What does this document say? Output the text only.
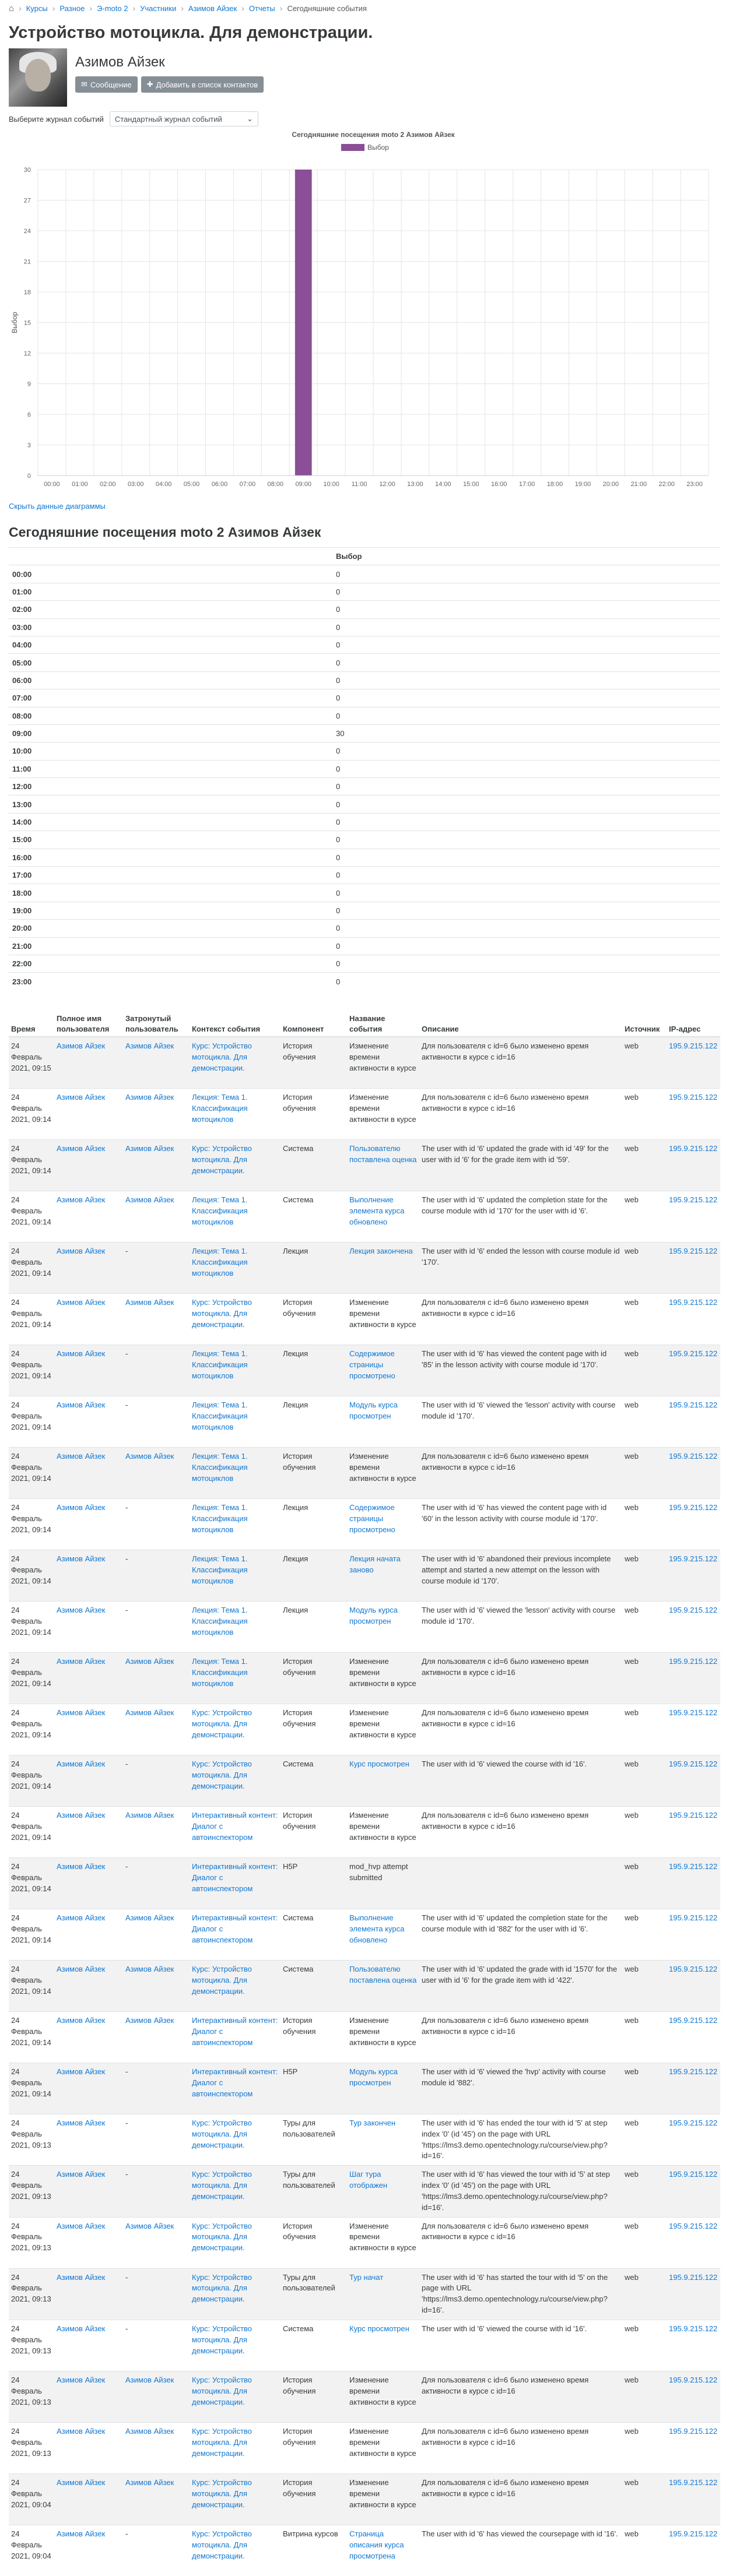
⌂ › Курсы › Разное › Э-moto 2 › Участники › Азимов Айзек › Отчеты › Сегодняшние события
Устройство мотоцикла. Для демонстрации.
Азимов Айзек
✉ Сообщение ✚ Добавить в список контактов
Выберите журнал событий Стандартный журнал событий	⌄
Сегодняшние посещения moto 2 Азимов Айзек
Выбор
0
3
6
9
12
15
18
21
24
27
30
00:00 01:00 02:00 03:00 04:00 05:00 06:00 07:00 08:00 09:00 10:00 11:00 12:00 13:00 14:00 15:00 16:00 17:00 18:00 19:00 20:00 21:00 22:00 23:00
Выбор
Скрыть данные диаграммы
Сегодняшние посещения moto 2 Азимов Айзек
	Выбор
00:00	0
01:00	0
02:00	0
03:00	0
04:00	0
05:00	0
06:00	0
07:00	0
08:00	0
09:00	30
10:00	0
11:00	0
12:00	0
13:00	0
14:00	0
15:00	0
16:00	0
17:00	0
18:00	0
19:00	0
20:00	0
21:00	0
22:00	0
23:00	0
Время	Полное имя пользователя	Затронутый пользователь	Контекст события	Компонент	Название события	Описание	Источник	IP-адрес
24 Февраль 2021, 09:15	Азимов Айзек	Азимов Айзек	Курс: Устройство мотоцикла. Для демонстрации.	История обучения	Изменение времени активности в курсе	Для пользователя с id=6 было изменено время активности в курсе с id=16	web	195.9.215.122
24 Февраль 2021, 09:14	Азимов Айзек	Азимов Айзек	Лекция: Тема 1. Классификация мотоциклов	История обучения	Изменение времени активности в курсе	Для пользователя с id=6 было изменено время активности в курсе с id=16	web	195.9.215.122
24 Февраль 2021, 09:14	Азимов Айзек	Азимов Айзек	Курс: Устройство мотоцикла. Для демонстрации.	Система	Пользователю поставлена оценка	The user with id '6' updated the grade with id '49' for the user with id '6' for the grade item with id '59'.	web	195.9.215.122
24 Февраль 2021, 09:14	Азимов Айзек	Азимов Айзек	Лекция: Тема 1. Классификация мотоциклов	Система	Выполнение элемента курса обновлено	The user with id '6' updated the completion state for the course module with id '170' for the user with id '6'.	web	195.9.215.122
24 Февраль 2021, 09:14	Азимов Айзек	-	Лекция: Тема 1. Классификация мотоциклов	Лекция	Лекция закончена	The user with id '6' ended the lesson with course module id '170'.	web	195.9.215.122
24 Февраль 2021, 09:14	Азимов Айзек	Азимов Айзек	Курс: Устройство мотоцикла. Для демонстрации.	История обучения	Изменение времени активности в курсе	Для пользователя с id=6 было изменено время активности в курсе с id=16	web	195.9.215.122
24 Февраль 2021, 09:14	Азимов Айзек	-	Лекция: Тема 1. Классификация мотоциклов	Лекция	Содержимое страницы просмотрено	The user with id '6' has viewed the content page with id '85' in the lesson activity with course module id '170'.	web	195.9.215.122
24 Февраль 2021, 09:14	Азимов Айзек	-	Лекция: Тема 1. Классификация мотоциклов	Лекция	Модуль курса просмотрен	The user with id '6' viewed the 'lesson' activity with course module id '170'.	web	195.9.215.122
24 Февраль 2021, 09:14	Азимов Айзек	Азимов Айзек	Лекция: Тема 1. Классификация мотоциклов	История обучения	Изменение времени активности в курсе	Для пользователя с id=6 было изменено время активности в курсе с id=16	web	195.9.215.122
24 Февраль 2021, 09:14	Азимов Айзек	-	Лекция: Тема 1. Классификация мотоциклов	Лекция	Содержимое страницы просмотрено	The user with id '6' has viewed the content page with id '60' in the lesson activity with course module id '170'.	web	195.9.215.122
24 Февраль 2021, 09:14	Азимов Айзек	-	Лекция: Тема 1. Классификация мотоциклов	Лекция	Лекция начата заново	The user with id '6' abandoned their previous incomplete attempt and started a new attempt on the lesson with course module id '170'.	web	195.9.215.122
24 Февраль 2021, 09:14	Азимов Айзек	-	Лекция: Тема 1. Классификация мотоциклов	Лекция	Модуль курса просмотрен	The user with id '6' viewed the 'lesson' activity with course module id '170'.	web	195.9.215.122
24 Февраль 2021, 09:14	Азимов Айзек	Азимов Айзек	Лекция: Тема 1. Классификация мотоциклов	История обучения	Изменение времени активности в курсе	Для пользователя с id=6 было изменено время активности в курсе с id=16	web	195.9.215.122
24 Февраль 2021, 09:14	Азимов Айзек	Азимов Айзек	Курс: Устройство мотоцикла. Для демонстрации.	История обучения	Изменение времени активности в курсе	Для пользователя с id=6 было изменено время активности в курсе с id=16	web	195.9.215.122
24 Февраль 2021, 09:14	Азимов Айзек	-	Курс: Устройство мотоцикла. Для демонстрации.	Система	Курс просмотрен	The user with id '6' viewed the course with id '16'.	web	195.9.215.122
24 Февраль 2021, 09:14	Азимов Айзек	Азимов Айзек	Интерактивный контент: Диалог с автоинспектором	История обучения	Изменение времени активности в курсе	Для пользователя с id=6 было изменено время активности в курсе с id=16	web	195.9.215.122
24 Февраль 2021, 09:14	Азимов Айзек	-	Интерактивный контент: Диалог с автоинспектором	H5P	mod_hvp attempt submitted		web	195.9.215.122
24 Февраль 2021, 09:14	Азимов Айзек	Азимов Айзек	Интерактивный контент: Диалог с автоинспектором	Система	Выполнение элемента курса обновлено	The user with id '6' updated the completion state for the course module with id '882' for the user with id '6'.	web	195.9.215.122
24 Февраль 2021, 09:14	Азимов Айзек	Азимов Айзек	Курс: Устройство мотоцикла. Для демонстрации.	Система	Пользователю поставлена оценка	The user with id '6' updated the grade with id '1570' for the user with id '6' for the grade item with id '422'.	web	195.9.215.122
24 Февраль 2021, 09:14	Азимов Айзек	Азимов Айзек	Интерактивный контент: Диалог с автоинспектором	История обучения	Изменение времени активности в курсе	Для пользователя с id=6 было изменено время активности в курсе с id=16	web	195.9.215.122
24 Февраль 2021, 09:14	Азимов Айзек	-	Интерактивный контент: Диалог с автоинспектором	H5P	Модуль курса просмотрен	The user with id '6' viewed the 'hvp' activity with course module id '882'.	web	195.9.215.122
24 Февраль 2021, 09:13	Азимов Айзек	-	Курс: Устройство мотоцикла. Для демонстрации.	Туры для пользователей	Тур закончен	The user with id '6' has ended the tour with id '5' at step index '0' (id '45') on the page with URL 'https://lms3.demo.opentechnology.ru/course/view.php?id=16'.	web	195.9.215.122
24 Февраль 2021, 09:13	Азимов Айзек	-	Курс: Устройство мотоцикла. Для демонстрации.	Туры для пользователей	Шаг тура отображен	The user with id '6' has viewed the tour with id '5' at step index '0' (id '45') on the page with URL 'https://lms3.demo.opentechnology.ru/course/view.php?id=16'.	web	195.9.215.122
24 Февраль 2021, 09:13	Азимов Айзек	Азимов Айзек	Курс: Устройство мотоцикла. Для демонстрации.	История обучения	Изменение времени активности в курсе	Для пользователя с id=6 было изменено время активности в курсе с id=16	web	195.9.215.122
24 Февраль 2021, 09:13	Азимов Айзек	-	Курс: Устройство мотоцикла. Для демонстрации.	Туры для пользователей	Тур начат	The user with id '6' has started the tour with id '5' on the page with URL 'https://lms3.demo.opentechnology.ru/course/view.php?id=16'.	web	195.9.215.122
24 Февраль 2021, 09:13	Азимов Айзек	-	Курс: Устройство мотоцикла. Для демонстрации.	Система	Курс просмотрен	The user with id '6' viewed the course with id '16'.	web	195.9.215.122
24 Февраль 2021, 09:13	Азимов Айзек	Азимов Айзек	Курс: Устройство мотоцикла. Для демонстрации.	История обучения	Изменение времени активности в курсе	Для пользователя с id=6 было изменено время активности в курсе с id=16	web	195.9.215.122
24 Февраль 2021, 09:13	Азимов Айзек	Азимов Айзек	Курс: Устройство мотоцикла. Для демонстрации.	История обучения	Изменение времени активности в курсе	Для пользователя с id=6 было изменено время активности в курсе с id=16	web	195.9.215.122
24 Февраль 2021, 09:04	Азимов Айзек	Азимов Айзек	Курс: Устройство мотоцикла. Для демонстрации.	История обучения	Изменение времени активности в курсе	Для пользователя с id=6 было изменено время активности в курсе с id=16	web	195.9.215.122
24 Февраль 2021, 09:04	Азимов Айзек	-	Курс: Устройство мотоцикла. Для демонстрации.	Витрина курсов	Страница описания курса просмотрена	The user with id '6' has viewed the coursepage with id '16'.	web	195.9.215.122
